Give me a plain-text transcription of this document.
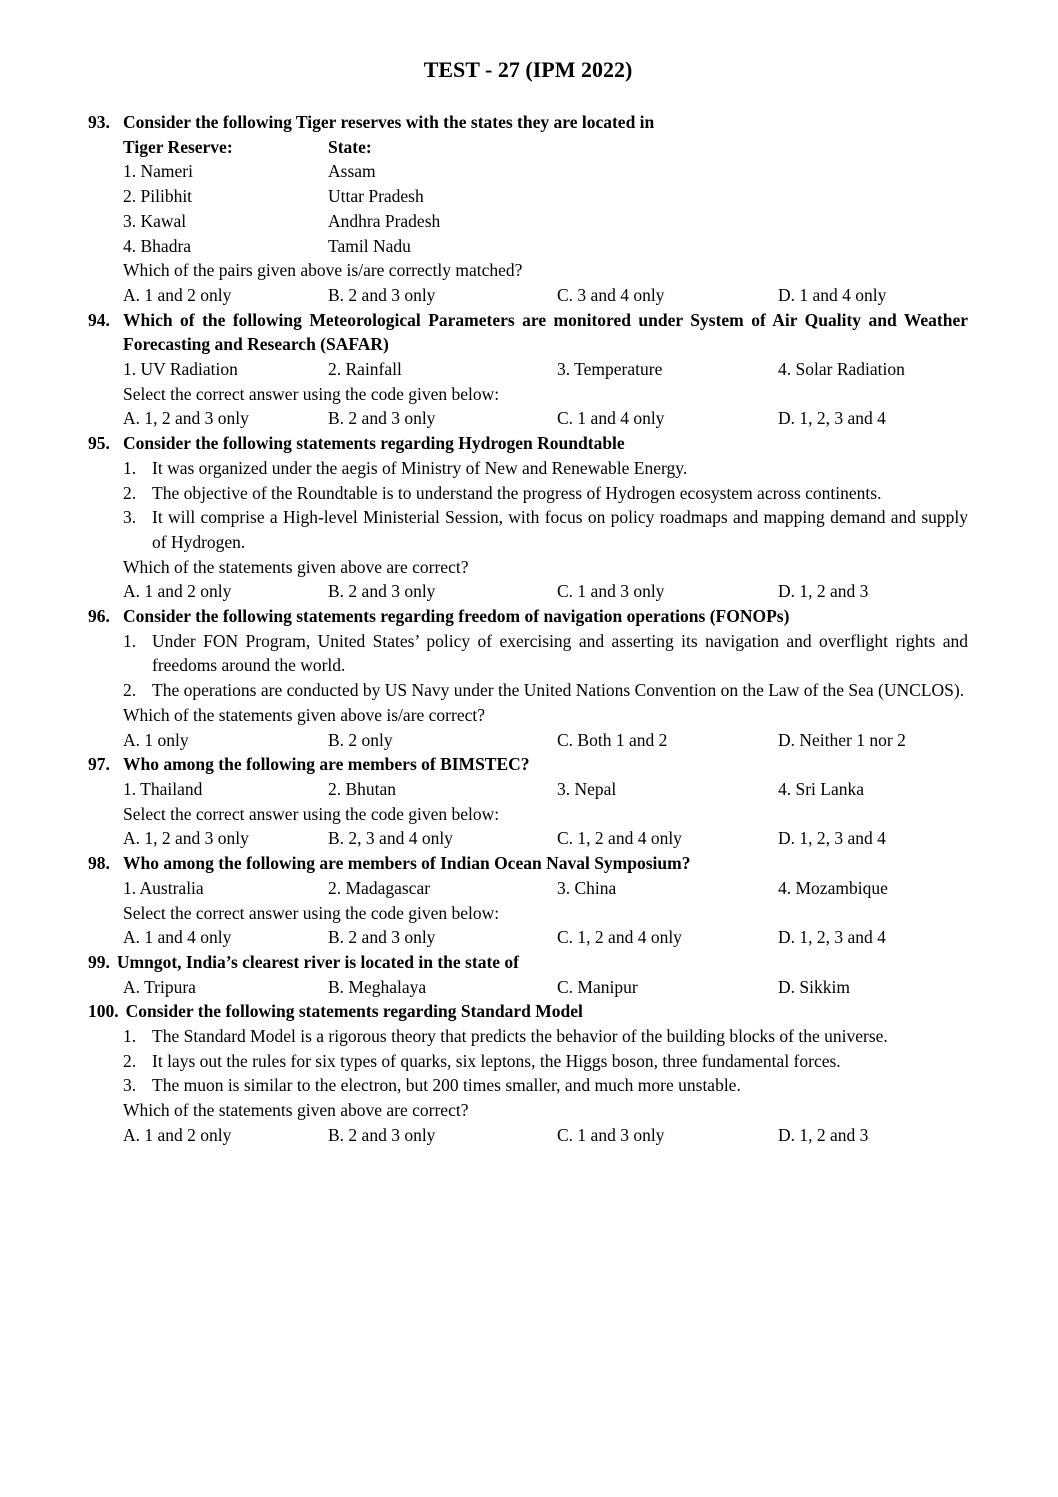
TEST - 27 (IPM 2022)
93. Consider the following Tiger reserves with the states they are located in
Tiger Reserve:	State:
1. Nameri	Assam
2. Pilibhit	Uttar Pradesh
3. Kawal	Andhra Pradesh
4. Bhadra	Tamil Nadu
Which of the pairs given above is/are correctly matched?
A. 1 and 2 only	B. 2 and 3 only	C. 3 and 4 only	D. 1 and 4 only
94. Which of the following Meteorological Parameters are monitored under System of Air Quality and Weather Forecasting and Research (SAFAR)
1. UV Radiation	2. Rainfall	3. Temperature	4. Solar Radiation
Select the correct answer using the code given below:
A. 1, 2 and 3 only	B. 2 and 3 only	C. 1 and 4 only	D. 1, 2, 3 and 4
95. Consider the following statements regarding Hydrogen Roundtable
1. It was organized under the aegis of Ministry of New and Renewable Energy.
2. The objective of the Roundtable is to understand the progress of Hydrogen ecosystem across continents.
3. It will comprise a High-level Ministerial Session, with focus on policy roadmaps and mapping demand and supply of Hydrogen.
Which of the statements given above are correct?
A. 1 and 2 only	B. 2 and 3 only	C. 1 and 3 only	D. 1, 2 and 3
96. Consider the following statements regarding freedom of navigation operations (FONOPs)
1. Under FON Program, United States’ policy of exercising and asserting its navigation and overflight rights and freedoms around the world.
2. The operations are conducted by US Navy under the United Nations Convention on the Law of the Sea (UNCLOS).
Which of the statements given above is/are correct?
A. 1 only	B. 2 only	C. Both 1 and 2	D. Neither 1 nor 2
97. Who among the following are members of BIMSTEC?
1. Thailand	2. Bhutan	3. Nepal	4. Sri Lanka
Select the correct answer using the code given below:
A. 1, 2 and 3 only	B. 2, 3 and 4 only	C. 1, 2 and 4 only	D. 1, 2, 3 and 4
98. Who among the following are members of Indian Ocean Naval Symposium?
1. Australia	2. Madagascar	3. China	4. Mozambique
Select the correct answer using the code given below:
A. 1 and 4 only	B. 2 and 3 only	C. 1, 2 and 4 only	D. 1, 2, 3 and 4
99. Umngot, India’s clearest river is located in the state of
A. Tripura	B. Meghalaya	C. Manipur	D. Sikkim
100. Consider the following statements regarding Standard Model
1. The Standard Model is a rigorous theory that predicts the behavior of the building blocks of the universe.
2. It lays out the rules for six types of quarks, six leptons, the Higgs boson, three fundamental forces.
3. The muon is similar to the electron, but 200 times smaller, and much more unstable.
Which of the statements given above are correct?
A. 1 and 2 only	B. 2 and 3 only	C. 1 and 3 only	D. 1, 2 and 3
